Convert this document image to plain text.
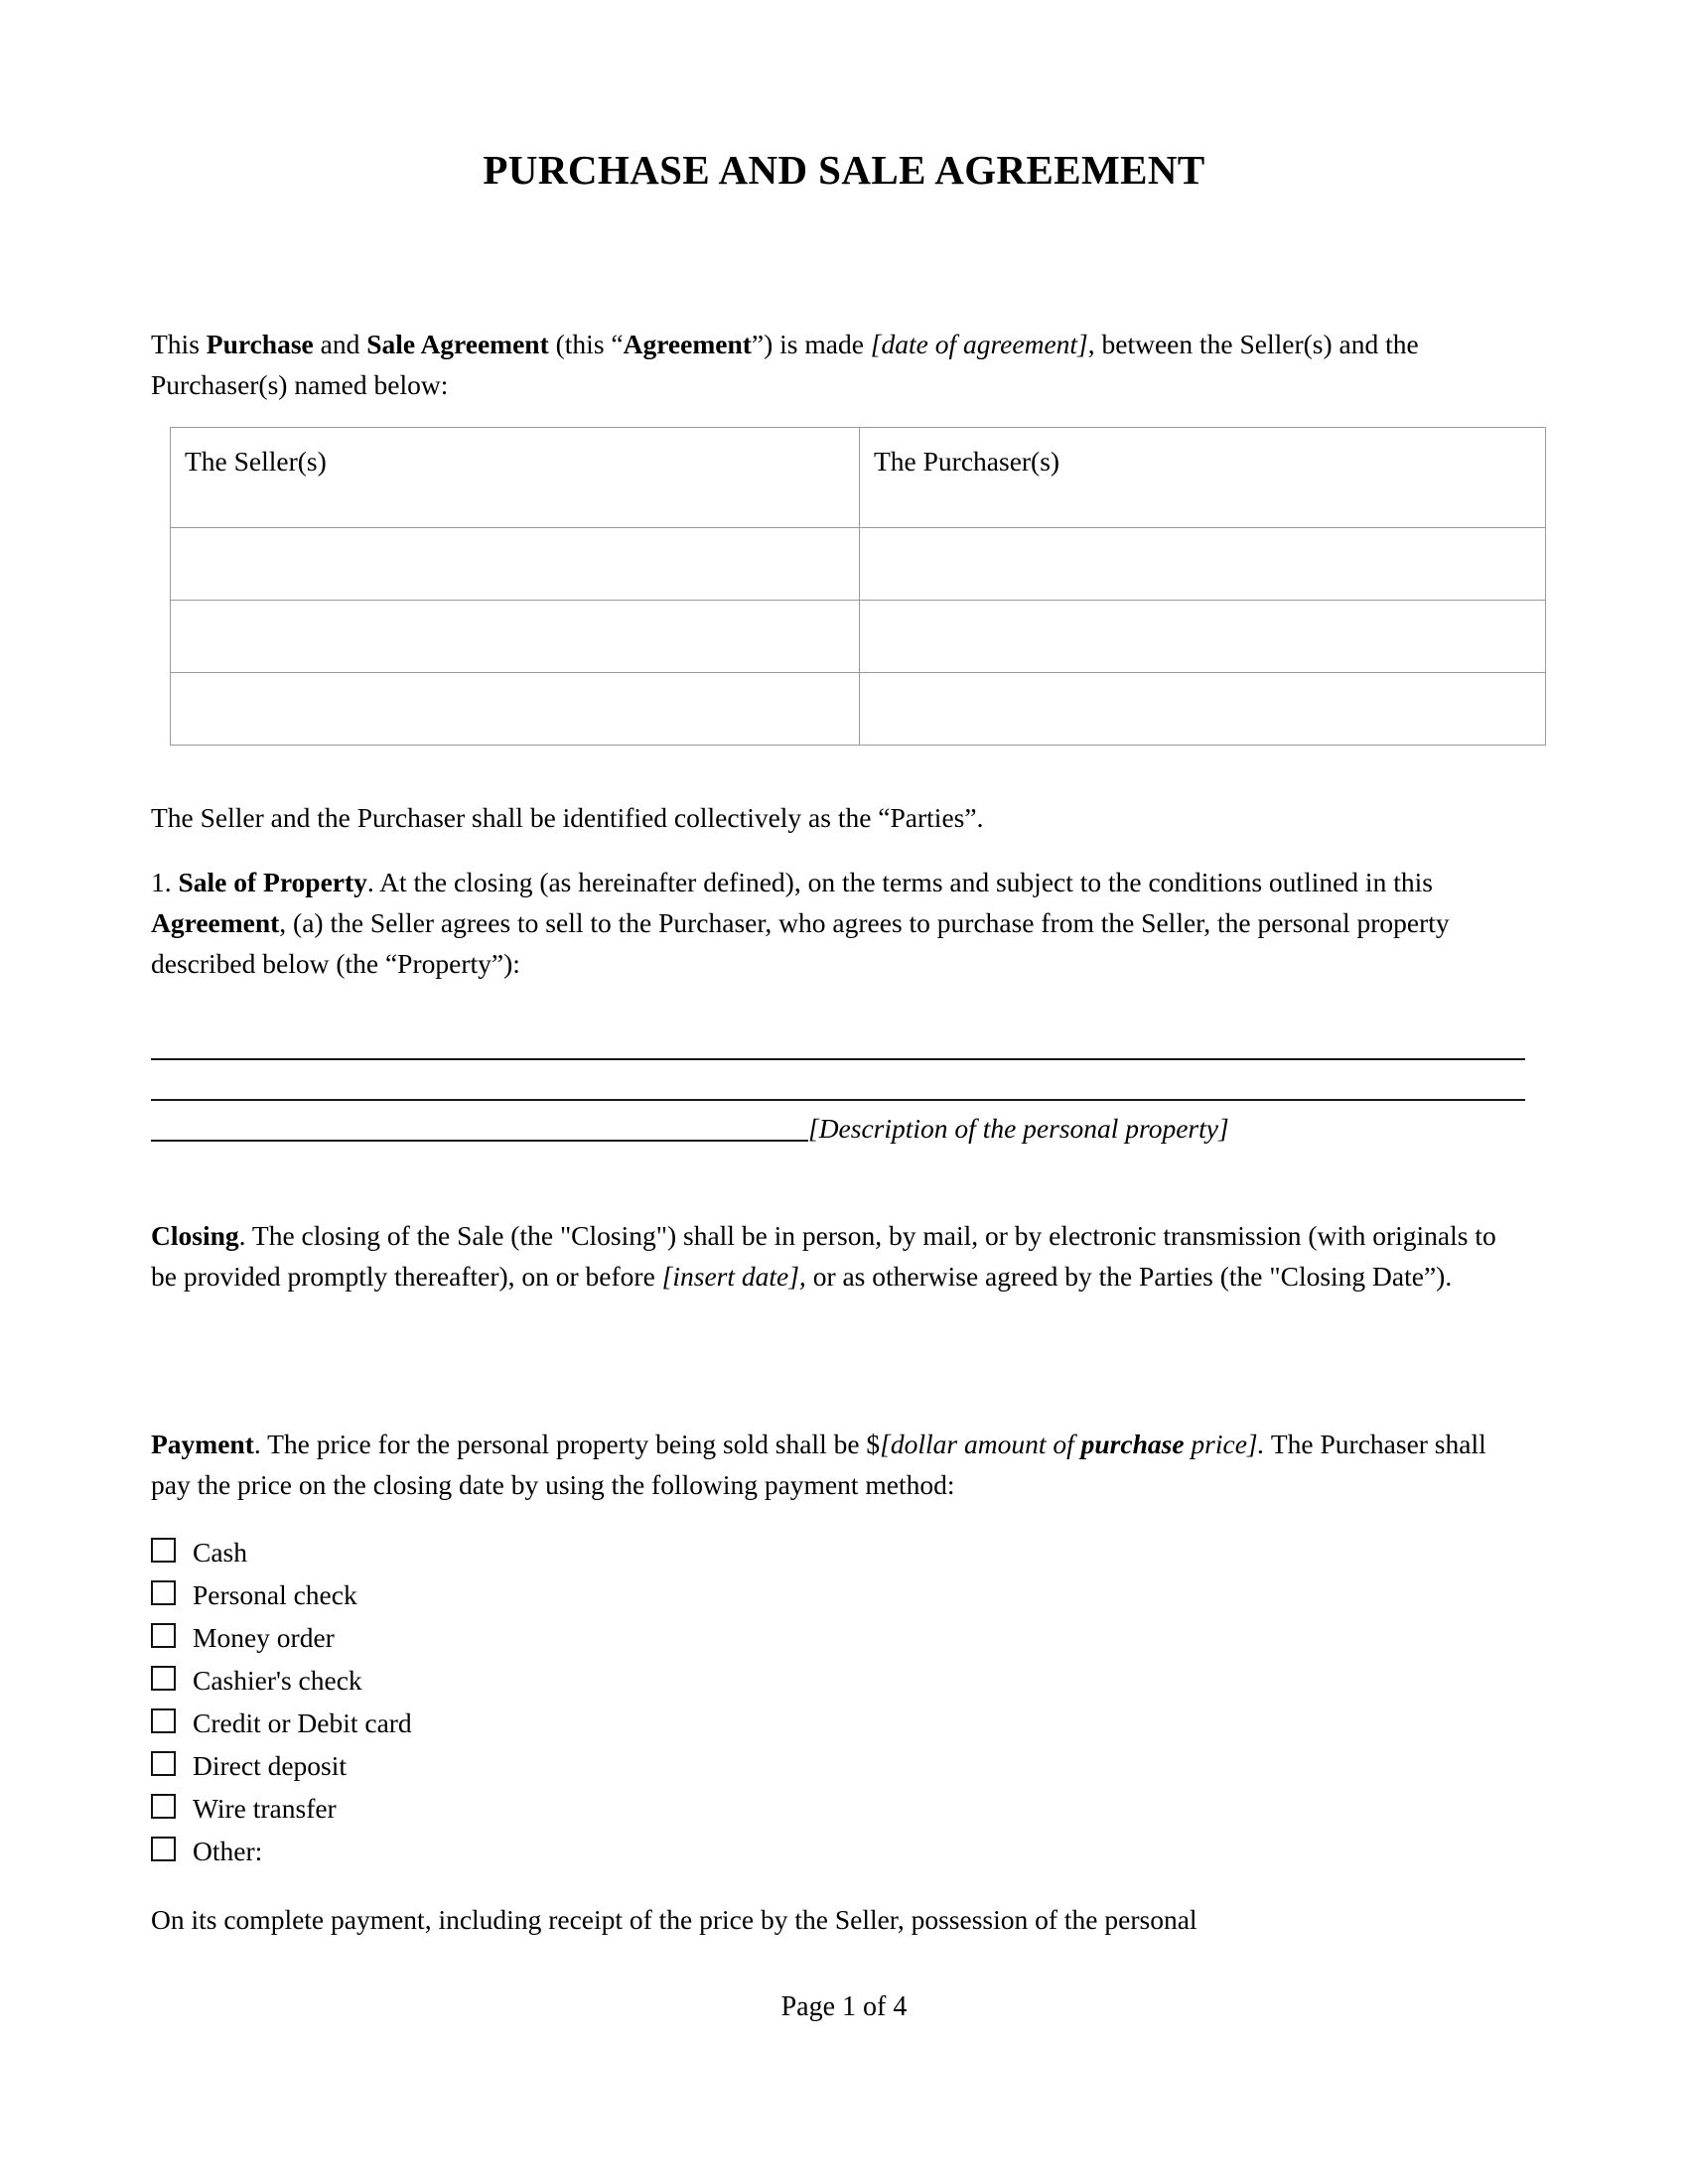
PURCHASE AND SALE AGREEMENT
This Purchase and Sale Agreement (this “Agreement”) is made [date of agreement], between the Seller(s) and the Purchaser(s) named below:
The Seller(s)	The Purchaser(s)

The Seller and the Purchaser shall be identified collectively as the “Parties”.
1. Sale of Property. At the closing (as hereinafter defined), on the terms and subject to the conditions outlined in this Agreement, (a) the Seller agrees to sell to the Purchaser, who agrees to purchase from the Seller, the personal property described below (the “Property”):
[Description of the personal property]
Closing. The closing of the Sale (the "Closing") shall be in person, by mail, or by electronic transmission (with originals to be provided promptly thereafter), on or before [insert date], or as otherwise agreed by the Parties (the "Closing Date”).
Payment. The price for the personal property being sold shall be $[dollar amount of purchase price]. The Purchaser shall pay the price on the closing date by using the following payment method:
Cash
Personal check
Money order
Cashier's check
Credit or Debit card
Direct deposit
Wire transfer
Other:
On its complete payment, including receipt of the price by the Seller, possession of the personal
Page 1 of 4
